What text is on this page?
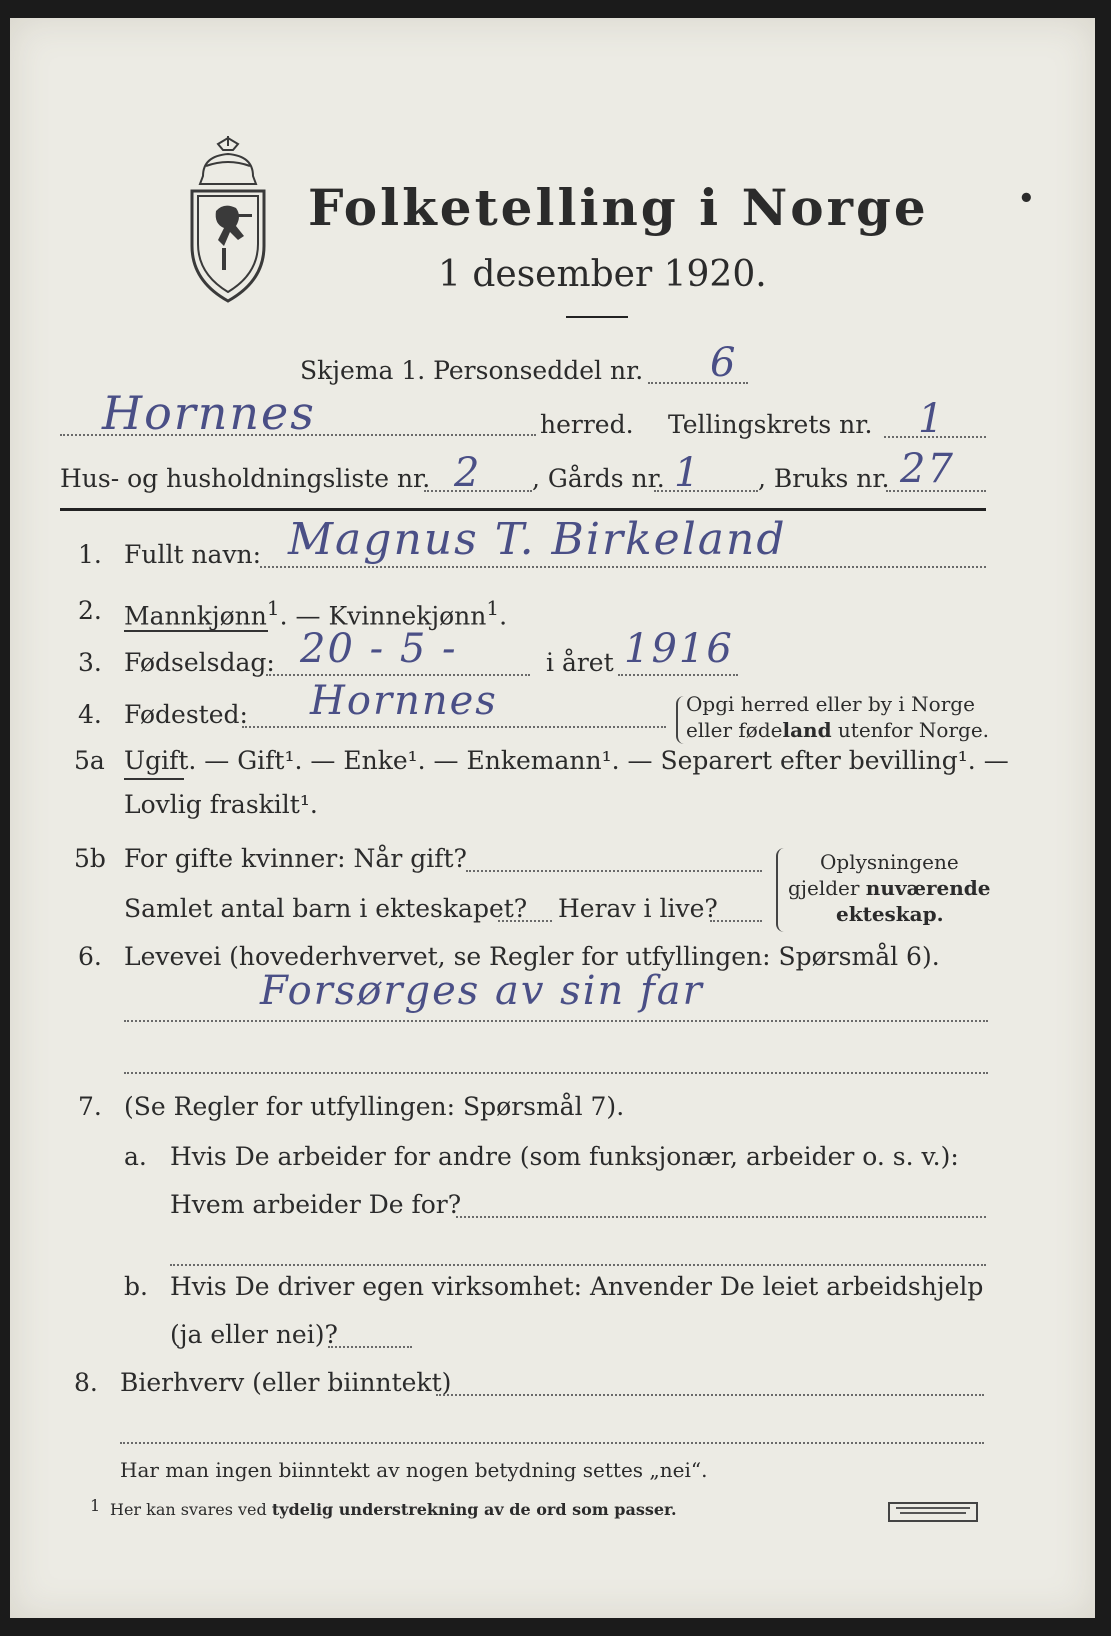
Folketelling i Norge	•
1 desember 1920.
Skjema 1. Personseddel nr. 6
Hornnes	herred. Tellingskrets nr. 1
Hus- og husholdningsliste nr. 2 , Gårds nr. 1 , Bruks nr. 27
1. Fullt navn: Magnus T. Birkeland
2. Mannkjønn$^1$. — Kvinnekjønn$^1$.
3. Fødselsdag: 20 - 5 -	i året 1916
4. Fødested: Hornnes	Opgi herred eller by i Norge
eller fødeland utenfor Norge.
5a Ugift. — Gift¹. — Enke¹. — Enkemann¹. — Separert efter bevilling¹. —
Lovlig fraskilt¹.
5b For gifte kvinner: Når gift?
Samlet antal barn i ekteskapet? Herav i live?
Oplysningene
gjelder nuværende
ekteskap.
6. Levevei (hovederhvervet, se Regler for utfyllingen: Spørsmål 6).
Forsørges av sin far
7. (Se Regler for utfyllingen: Spørsmål 7).
a. Hvis De arbeider for andre (som funksjonær, arbeider o. s. v.):
Hvem arbeider De for?
b. Hvis De driver egen virksomhet: Anvender De leiet arbeidshjelp
(ja eller nei)?
8. Bierhverv (eller biinntekt)
Har man ingen biinntekt av nogen betydning settes „nei“.
1 Her kan svares ved tydelig understrekning av de ord som passer.
